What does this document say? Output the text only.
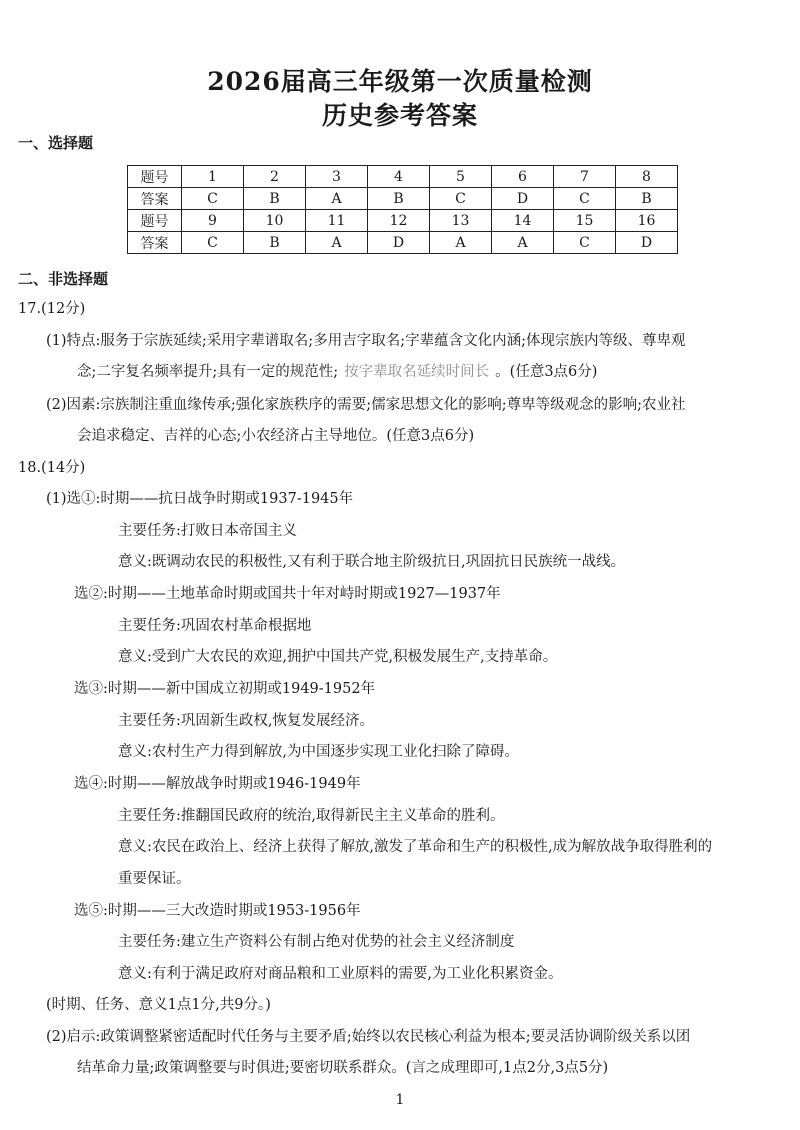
2026届高三年级第一次质量检测
历史参考答案
一、选择题
题号	1	2	3	4	5	6	7	8
答案	C	B	A	B	C	D	C	B
题号	9	10	11	12	13	14	15	16
答案	C	B	A	D	A	A	C	D
二、非选择题
17.(12分)
(1)特点:服务于宗族延续;采用字辈谱取名;多用吉字取名;字辈蕴含文化内涵;体现宗族内等级、尊卑观
念;二字复名频率提升;具有一定的规范性; 按字辈取名延续时间长 。(任意3点6分)
(2)因素:宗族制注重血缘传承;强化家族秩序的需要;儒家思想文化的影响;尊卑等级观念的影响;农业社
会追求稳定、吉祥的心态;小农经济占主导地位。(任意3点6分)
18.(14分)
(1)选①:时期——抗日战争时期或1937-1945年
主要任务:打败日本帝国主义
意义:既调动农民的积极性,又有利于联合地主阶级抗日,巩固抗日民族统一战线。
选②:时期——土地革命时期或国共十年对峙时期或1927—1937年
主要任务:巩固农村革命根据地
意义:受到广大农民的欢迎,拥护中国共产党,积极发展生产,支持革命。
选③:时期——新中国成立初期或1949-1952年
主要任务:巩固新生政权,恢复发展经济。
意义:农村生产力得到解放,为中国逐步实现工业化扫除了障碍。
选④:时期——解放战争时期或1946-1949年
主要任务:推翻国民政府的统治,取得新民主主义革命的胜利。
意义:农民在政治上、经济上获得了解放,激发了革命和生产的积极性,成为解放战争取得胜利的
重要保证。
选⑤:时期——三大改造时期或1953-1956年
主要任务:建立生产资料公有制占绝对优势的社会主义经济制度
意义:有利于满足政府对商品粮和工业原料的需要,为工业化积累资金。
(时期、任务、意义1点1分,共9分。)
(2)启示:政策调整紧密适配时代任务与主要矛盾;始终以农民核心利益为根本;要灵活协调阶级关系以团
结革命力量;政策调整要与时俱进;要密切联系群众。(言之成理即可,1点2分,3点5分)
1
